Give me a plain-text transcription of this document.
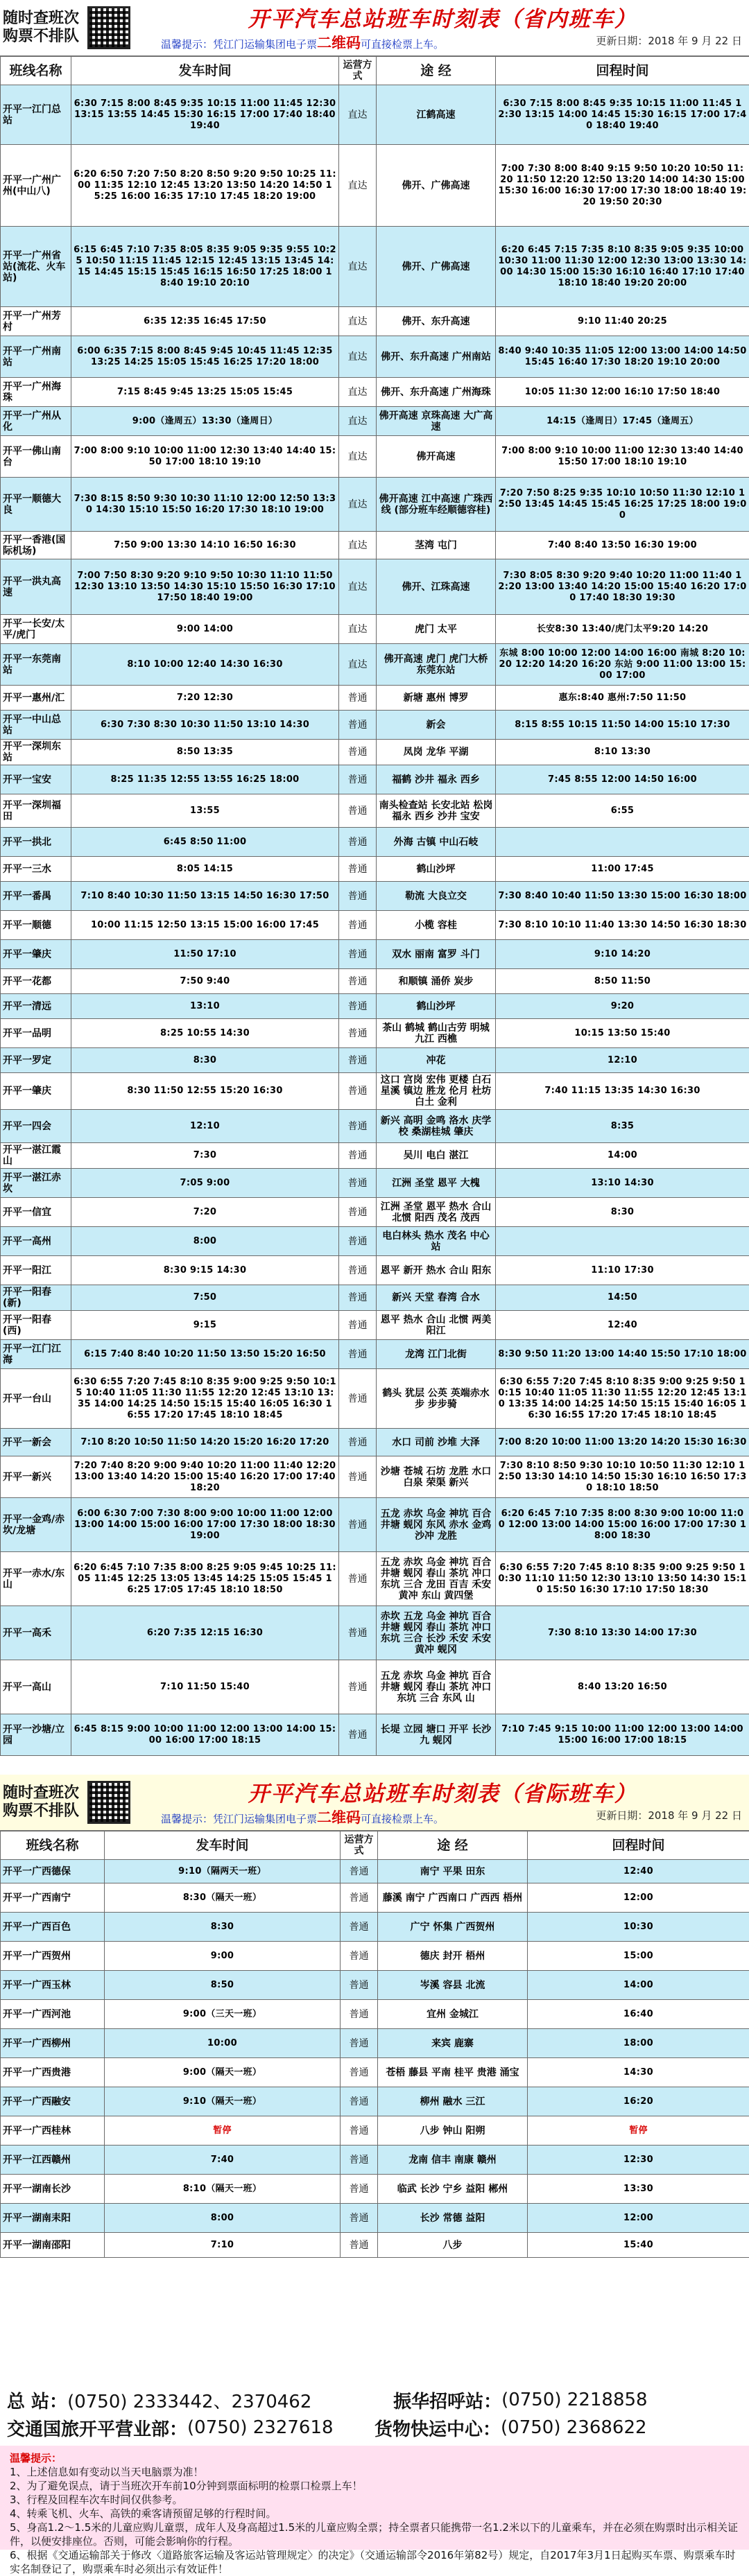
随时查班次
购票不排队
开平汽车总站班车时刻表（省内班车）
温馨提示：凭江门运输集团电子票二维码可直接检票上车。	更新日期：2018 年 9 月 22 日
班线名称	发车时间	运营方式	途 经	回程时间
开平一江门总站	6:30 7:15 8:00 8:45 9:35 10:15 11:00 11:45 12:30 13:15 13:55 14:45 15:30 16:15 17:00 17:40 18:40 19:40	直达	江鹤高速	6:30 7:15 8:00 8:45 9:35 10:15 11:00 11:45 12:30 13:15 14:00 14:45 15:30 16:15 17:00 17:40 18:40 19:40
开平一广州广州(中山八)	6:20 6:50 7:20 7:50 8:20 8:50 9:20 9:50 10:25 11:00 11:35 12:10 12:45 13:20 13:50 14:20 14:50 15:25 16:00 16:35 17:10 17:45 18:20 19:00	直达	佛开、广佛高速	7:00 7:30 8:00 8:40 9:15 9:50 10:20 10:50 11:20 11:50 12:20 12:50 13:20 14:00 14:30 15:00 15:30 16:00 16:30 17:00 17:30 18:00 18:40 19:20 19:50 20:30
开平一广州省站(流花、火车站)	6:15 6:45 7:10 7:35 8:05 8:35 9:05 9:35 9:55 10:25 10:50 11:15 11:45 12:15 12:45 13:15 13:45 14:15 14:45 15:15 15:45 16:15 16:50 17:25 18:00 18:40 19:10 20:10	直达	佛开、广佛高速	6:20 6:45 7:15 7:35 8:10 8:35 9:05 9:35 10:00 10:30 11:00 11:30 12:00 12:30 13:00 13:30 14:00 14:30 15:00 15:30 16:10 16:40 17:10 17:40 18:10 18:40 19:20 20:00
开平一广州芳村	6:35 12:35 16:45 17:50	直达	佛开、东升高速	9:10 11:40 20:25
开平一广州南站	6:00 6:35 7:15 8:00 8:45 9:45 10:45 11:45 12:35 13:25 14:25 15:05 15:45 16:25 17:20 18:00	直达	佛开、东升高速 广州南站	8:40 9:40 10:35 11:05 12:00 13:00 14:00 14:50 15:45 16:40 17:30 18:20 19:10 20:00
开平一广州海珠	7:15 8:45 9:45 13:25 15:05 15:45	直达	佛开、东升高速 广州海珠	10:05 11:30 12:00 16:10 17:50 18:40
开平一广州从化	9:00（逢周五）13:30（逢周日）	直达	佛开高速 京珠高速 大广高速	14:15（逢周日）17:45（逢周五）
开平一佛山南台	7:00 8:00 9:10 10:00 11:00 12:30 13:40 14:40 15:50 17:00 18:10 19:10	直达	佛开高速	7:00 8:00 9:10 10:00 11:00 12:30 13:40 14:40 15:50 17:00 18:10 19:10
开平一顺德大良	7:30 8:15 8:50 9:30 10:30 11:10 12:00 12:50 13:30 14:30 15:10 15:50 16:20 17:30 18:10 19:00	直达	佛开高速 江中高速 广珠西线 (部分班车经顺德容桂)	7:20 7:50 8:25 9:35 10:10 10:50 11:30 12:10 12:50 13:45 14:45 15:45 16:25 17:25 18:00 19:00
开平一香港(国际机场)	7:50 9:00 13:30 14:10 16:50 16:30	直达	茎湾 屯门	7:40 8:40 13:50 16:30 19:00
开平一洪丸高速	7:00 7:50 8:30 9:20 9:10 9:50 10:30 11:10 11:50 12:30 13:10 13:50 14:30 15:10 15:50 16:30 17:10 17:50 18:40 19:00	直达	佛开、江珠高速	7:30 8:05 8:30 9:20 9:40 10:20 11:00 11:40 12:20 13:00 13:40 14:20 15:00 15:40 16:20 17:00 17:40 18:30 19:30
开平一长安/太平/虎门	9:00 14:00	直达	虎门 太平	长安8:30 13:40/虎门太平9:20 14:20
开平一东莞南站	8:10 10:00 12:40 14:30 16:30	直达	佛开高速 虎门 虎门大桥 东莞东站	东城 8:00 10:00 12:00 14:00 16:00 南城 8:20 10:20 12:20 14:20 16:20 东站 9:00 11:00 13:00 15:00 17:00
开平一惠州/汇	7:20 12:30	普通	新塘 惠州 博罗	惠东:8:40 惠州:7:50 11:50
开平一中山总站	6:30 7:30 8:30 10:30 11:50 13:10 14:30	普通	新会	8:15 8:55 10:15 11:50 14:00 15:10 17:30
开平一深圳东站	8:50 13:35	普通	凤岗 龙华 平湖	8:10 13:30
开平一宝安	8:25 11:35 12:55 13:55 16:25 18:00	普通	福鹤 沙井 福永 西乡	7:45 8:55 12:00 14:50 16:00
开平一深圳福田	13:55	普通	南头检查站 长安北站 松岗 福永 西乡 沙井 宝安	6:55
开平一拱北	6:45 8:50 11:00	普通	外海 古镇 中山石岐	
开平一三水	8:05 14:15	普通	鹤山沙坪	11:00 17:45
开平一番禺	7:10 8:40 10:30 11:50 13:15 14:50 16:30 17:50	普通	勒流 大良立交	7:30 8:40 10:40 11:50 13:30 15:00 16:30 18:00
开平一顺德	10:00 11:15 12:50 13:15 15:00 16:00 17:45	普通	小榄 容桂	7:30 8:10 10:10 11:40 13:30 14:50 16:30 18:30
开平一肇庆	11:50 17:10	普通	双水 丽南 富罗 斗门	9:10 14:20
开平一花都	7:50 9:40	普通	和顺镇 涌侨 炭步	8:50 11:50
开平一清远	13:10	普通	鹤山沙坪	9:20
开平一品明	8:25 10:55 14:30	普通	茶山 鹤城 鹤山古劳 明城 九江 西樵	10:15 13:50 15:40
开平一罗定	8:30	普通	冲花	12:10
开平一肇庆	8:30 11:50 12:55 15:20 16:30	普通	这口 宫岗 宏伟 更楼 白石 星溪 镇边 胜龙 伦月 杜坊 白土 金利	7:40 11:15 13:35 14:30 16:30
开平一四会	12:10	普通	新兴 高明 金鸣 洛水 庆学校 桑湖桂城 肇庆	8:35
开平一湛江霞山	7:30	普通	吴川 电白 湛江	14:00
开平一湛江赤坎	7:05 9:00	普通	江洲 圣堂 恩平 大槐	13:10 14:30
开平一信宜	7:20	普通	江洲 圣堂 恩平 热水 合山 北惯 阳西 茂名 茂西	8:30
开平一高州	8:00	普通	电白林头 热水 茂名 中心站	
开平一阳江	8:30 9:15 14:30	普通	恩平 新开 热水 合山 阳东	11:10 17:30
开平一阳春(新)	7:50	普通	新兴 天堂 春湾 合水	14:50
开平一阳春(西)	9:15	普通	恩平 热水 合山 北惯 两美 阳江	12:40
开平一江门江海	6:15 7:40 8:40 10:20 11:50 13:50 15:20 16:50	普通	龙湾 江门北街	8:30 9:50 11:20 13:00 14:40 15:50 17:10 18:00
开平一台山	6:30 6:55 7:20 7:45 8:10 8:35 9:00 9:25 9:50 10:15 10:40 11:05 11:30 11:55 12:20 12:45 13:10 13:35 14:00 14:25 14:50 15:15 15:40 16:05 16:30 16:55 17:20 17:45 18:10 18:45	普通	鹤头 犹层 公英 英端赤水步 步步骑	6:30 6:55 7:20 7:45 8:10 8:35 9:00 9:25 9:50 10:15 10:40 11:05 11:30 11:55 12:20 12:45 13:10 13:35 14:00 14:25 14:50 15:15 15:40 16:05 16:30 16:55 17:20 17:45 18:10 18:45
开平一新会	7:10 8:20 10:50 11:50 14:20 15:20 16:20 17:20	普通	水口 司前 沙堆 大泽	7:00 8:20 10:00 11:00 13:20 14:20 15:30 16:30
开平一新兴	7:20 7:40 8:20 9:00 9:40 10:20 11:00 11:40 12:20 13:00 13:40 14:20 15:00 15:40 16:20 17:00 17:40 18:20	普通	沙塘 苍城 石坊 龙胜 水口 白泉 荣渠 新兴	7:30 8:10 8:50 9:30 10:10 10:50 11:30 12:10 12:50 13:30 14:10 14:50 15:30 16:10 16:50 17:30 18:10 18:50
开平一金鸡/赤坎/龙塘	6:00 6:30 7:00 7:30 8:00 9:00 10:00 11:00 12:00 13:00 14:00 15:00 16:00 17:00 17:30 18:00 18:30 19:00	普通	五龙 赤坎 乌金 神坑 百合 井塘 蚬冈 东风 赤水 金鸡 沙冲 龙胜	6:20 6:45 7:10 7:35 8:00 8:30 9:00 10:00 11:00 12:00 13:00 14:00 15:00 16:00 17:00 17:30 18:00 18:30
开平一赤水/东山	6:20 6:45 7:10 7:35 8:00 8:25 9:05 9:45 10:25 11:05 11:45 12:25 13:05 13:45 14:25 15:05 15:45 16:25 17:05 17:45 18:10 18:50	普通	五龙 赤坎 乌金 神坑 百合 井塘 蚬冈 春山 茶坑 冲口 东坑 三合 龙田 百吉 禾安 黄冲 东山 黄四堡	6:30 6:55 7:20 7:45 8:10 8:35 9:00 9:25 9:50 10:30 11:10 11:50 12:30 13:10 13:50 14:30 15:10 15:50 16:30 17:10 17:50 18:30
开平一高禾	6:20 7:35 12:15 16:30	普通	赤坎 五龙 乌金 神坑 百合 井塘 蚬冈 春山 茶坑 冲口 东坑 三合 长沙 禾安 禾安 黄冲 蚬冈	7:30 8:10 13:30 14:00 17:30
开平一高山	7:10 11:50 15:40	普通	五龙 赤坎 乌金 神坑 百合 井塘 蚬冈 春山 茶坑 冲口 东坑 三合 东风 山	8:40 13:20 16:50
开平一沙塘/立园	6:45 8:15 9:00 10:00 11:00 12:00 13:00 14:00 15:00 16:00 17:00 18:15	普通	长堤 立园 塘口 开平 长沙 九 蚬冈	7:10 7:45 9:15 10:00 11:00 12:00 13:00 14:00 15:00 16:00 17:00 18:15
随时查班次
购票不排队
开平汽车总站班车时刻表（省际班车）
温馨提示：凭江门运输集团电子票二维码可直接检票上车。	更新日期：2018 年 9 月 22 日
班线名称	发车时间	运营方式	途 经	回程时间
开平一广西德保	9:10（隔两天一班）	普通	南宁 平果 田东	12:40
开平一广西南宁	8:30（隔天一班）	普通	藤溪 南宁 广西南口 广西西 梧州	12:00
开平一广西百色	8:30	普通	广宁 怀集 广西贺州	10:30
开平一广西贺州	9:00	普通	德庆 封开 梧州	15:00
开平一广西玉林	8:50	普通	岑溪 容县 北流	14:00
开平一广西河池	9:00（三天一班）	普通	宜州 金城江	16:40
开平一广西柳州	10:00	普通	来宾 鹿寨	18:00
开平一广西贵港	9:00（隔天一班）	普通	苍梧 藤县 平南 桂平 贵港 涌宝	14:30
开平一广西融安	9:10（隔天一班）	普通	柳州 融水 三江	16:20
开平一广西桂林	暂停	普通	八步 钟山 阳朔	暂停
开平一江西赣州	7:40	普通	龙南 信丰 南康 赣州	12:30
开平一湖南长沙	8:10（隔天一班）	普通	临武 长沙 宁乡 益阳 郴州	13:30
开平一湖南耒阳	8:00	普通	长沙 常德 益阳	12:00
开平一湖南邵阳	7:10	普通	八步	15:40
总 站： (0750) 2333442、2370462	振华招呼站： (0750) 2218858
交通国旅开平营业部： (0750) 2327618	货物快运中心： (0750) 2368622
温馨提示：
1、上述信息如有变动以当天电脑票为准！
2、为了避免误点，请于当班次开车前10分钟到票面标明的检票口检票上车！
3、行程及回程车次车时间仅供参考。
4、转乘飞机、火车、高铁的乘客请预留足够的行程时间。
5、身高1.2～1.5米的儿童应购儿童票，成年人及身高超过1.5米的儿童应购全票；持全票者只能携带一名1.2米以下的儿童乘车，并在必须在购票时出示相关证件，以便安排座位。否则，可能会影响你的行程。
6、根据《交通运输部关于修改〈道路旅客运输及客运站管理规定〉的决定》（交通运输部令2016年第82号）规定，自2017年3月1日起购买车票、购票乘车时实名制登记了，购票乘车时必须出示有效证件！
